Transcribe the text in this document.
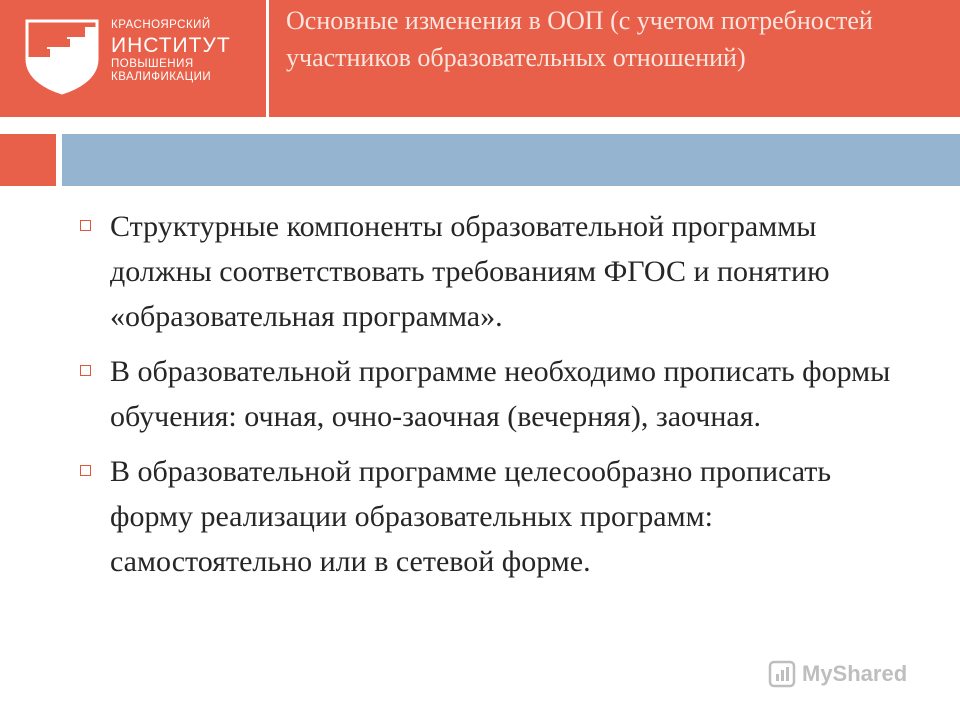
КРАСНОЯРСКИЙ
ИНСТИТУТ
ПОВЫШЕНИЯ
КВАЛИФИКАЦИИ
Основные изменения в ООП (с учетом потребностей участников образовательных отношений)
Структурные компоненты образовательной программы должны соответствовать требованиям ФГОС и понятию «образовательная программа».
В образовательной программе необходимо прописать формы обучения: очная, очно-заочная (вечерняя), заочная.
В образовательной программе целесообразно прописать форму реализации образовательных программ: самостоятельно или в сетевой форме.
MyShared
